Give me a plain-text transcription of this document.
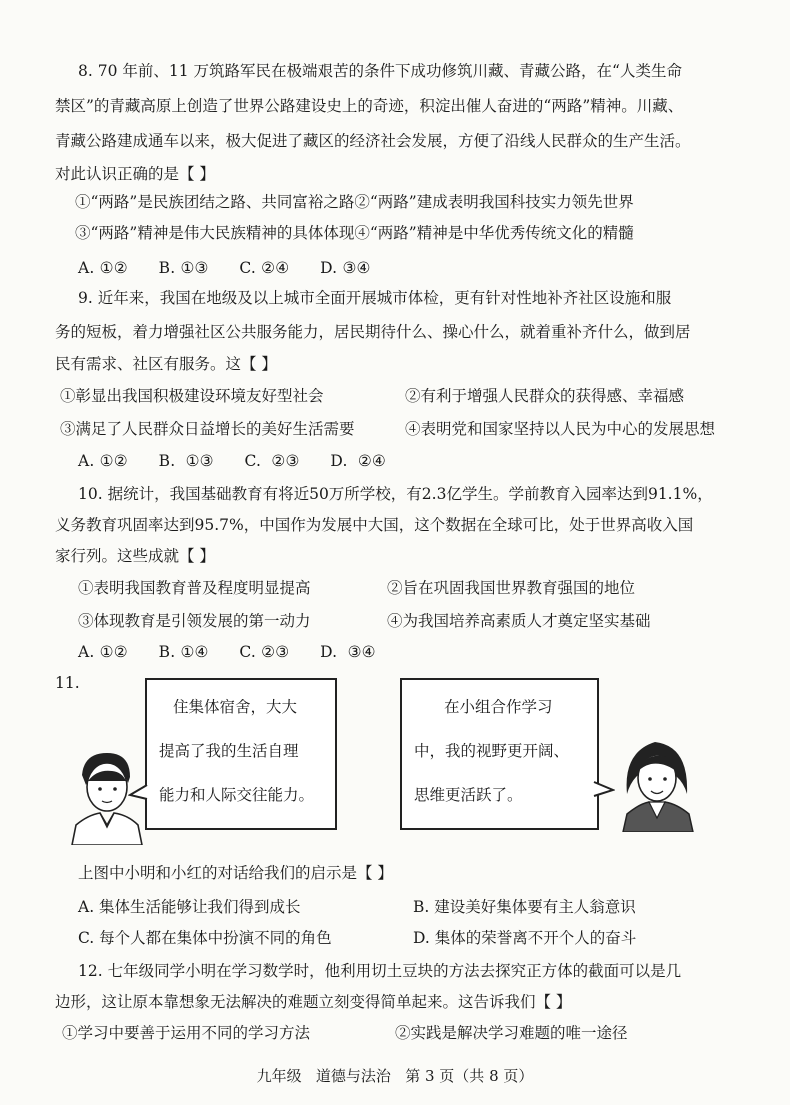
8. 70 年前、11 万筑路军民在极端艰苦的条件下成功修筑川藏、青藏公路，在“人类生命
禁区”的青藏高原上创造了世界公路建设史上的奇迹，积淀出催人奋进的“两路”精神。川藏、
青藏公路建成通车以来，极大促进了藏区的经济社会发展，方便了沿线人民群众的生产生活。
对此认识正确的是【 】
①“两路”是民族团结之路、共同富裕之路②“两路”建成表明我国科技实力领先世界
③“两路”精神是伟大民族精神的具体体现④“两路”精神是中华优秀传统文化的精髓
A. ①②      B. ①③      C. ②④      D. ③④
9. 近年来，我国在地级及以上城市全面开展城市体检，更有针对性地补齐社区设施和服
务的短板，着力增强社区公共服务能力，居民期待什么、操心什么，就着重补齐什么，做到居
民有需求、社区有服务。这【 】
①彰显出我国积极建设环境友好型社会	②有利于增强人民群众的获得感、幸福感
③满足了人民群众日益增长的美好生活需要	④表明党和国家坚持以人民为中心的发展思想
A. ①②      B.  ①③      C.  ②③      D.  ②④
10. 据统计，我国基础教育有将近50万所学校，有2.3亿学生。学前教育入园率达到91.1%，
义务教育巩固率达到95.7%，中国作为发展中大国，这个数据在全球可比，处于世界高收入国
家行列。这些成就【 】
①表明我国教育普及程度明显提高	②旨在巩固我国世界教育强国的地位
③体现教育是引领发展的第一动力	④为我国培养高素质人才奠定坚实基础
A. ①②      B. ①④      C. ②③      D.  ③④
11.
住集体宿舍，大大
提高了我的生活自理
能力和人际交往能力。
在小组合作学习
中，我的视野更开阔、
思维更活跃了。
上图中小明和小红的对话给我们的启示是【 】
A. 集体生活能够让我们得到成长	B. 建设美好集体要有主人翁意识
C. 每个人都在集体中扮演不同的角色	D. 集体的荣誉离不开个人的奋斗
12. 七年级同学小明在学习数学时，他利用切土豆块的方法去探究正方体的截面可以是几
边形，这让原本靠想象无法解决的难题立刻变得简单起来。这告诉我们【 】
①学习中要善于运用不同的学习方法	②实践是解决学习难题的唯一途径
九年级   道德与法治   第 3 页（共 8 页）
